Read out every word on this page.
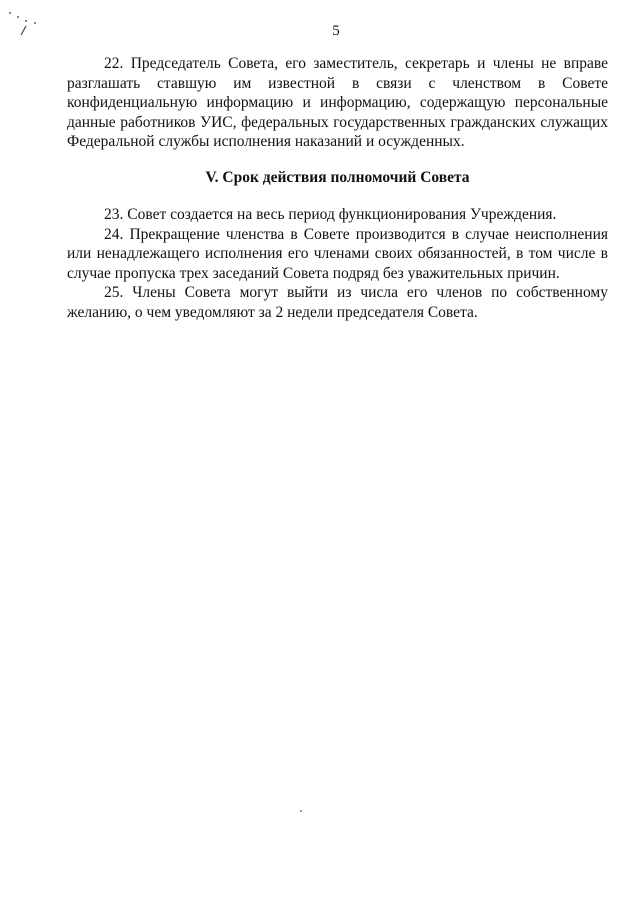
5

22. Председатель Совета, его заместитель, секретарь и члены не вправе разглашать ставшую им известной в связи с членством в Совете конфиденциальную информацию и информацию, содержащую персональные данные работников УИС, федеральных государственных гражданских служащих Федеральной службы исполнения наказаний и осужденных.

V. Срок действия полномочий Совета

23. Совет создается на весь период функционирования Учреждения.

24. Прекращение членства в Совете производится в случае неисполнения или ненадлежащего исполнения его членами своих обязанностей, в том числе в случае пропуска трех заседаний Совета подряд без уважительных причин.

25. Члены Совета могут выйти из числа его членов по собственному желанию, о чем уведомляют за 2 недели председателя Совета.
